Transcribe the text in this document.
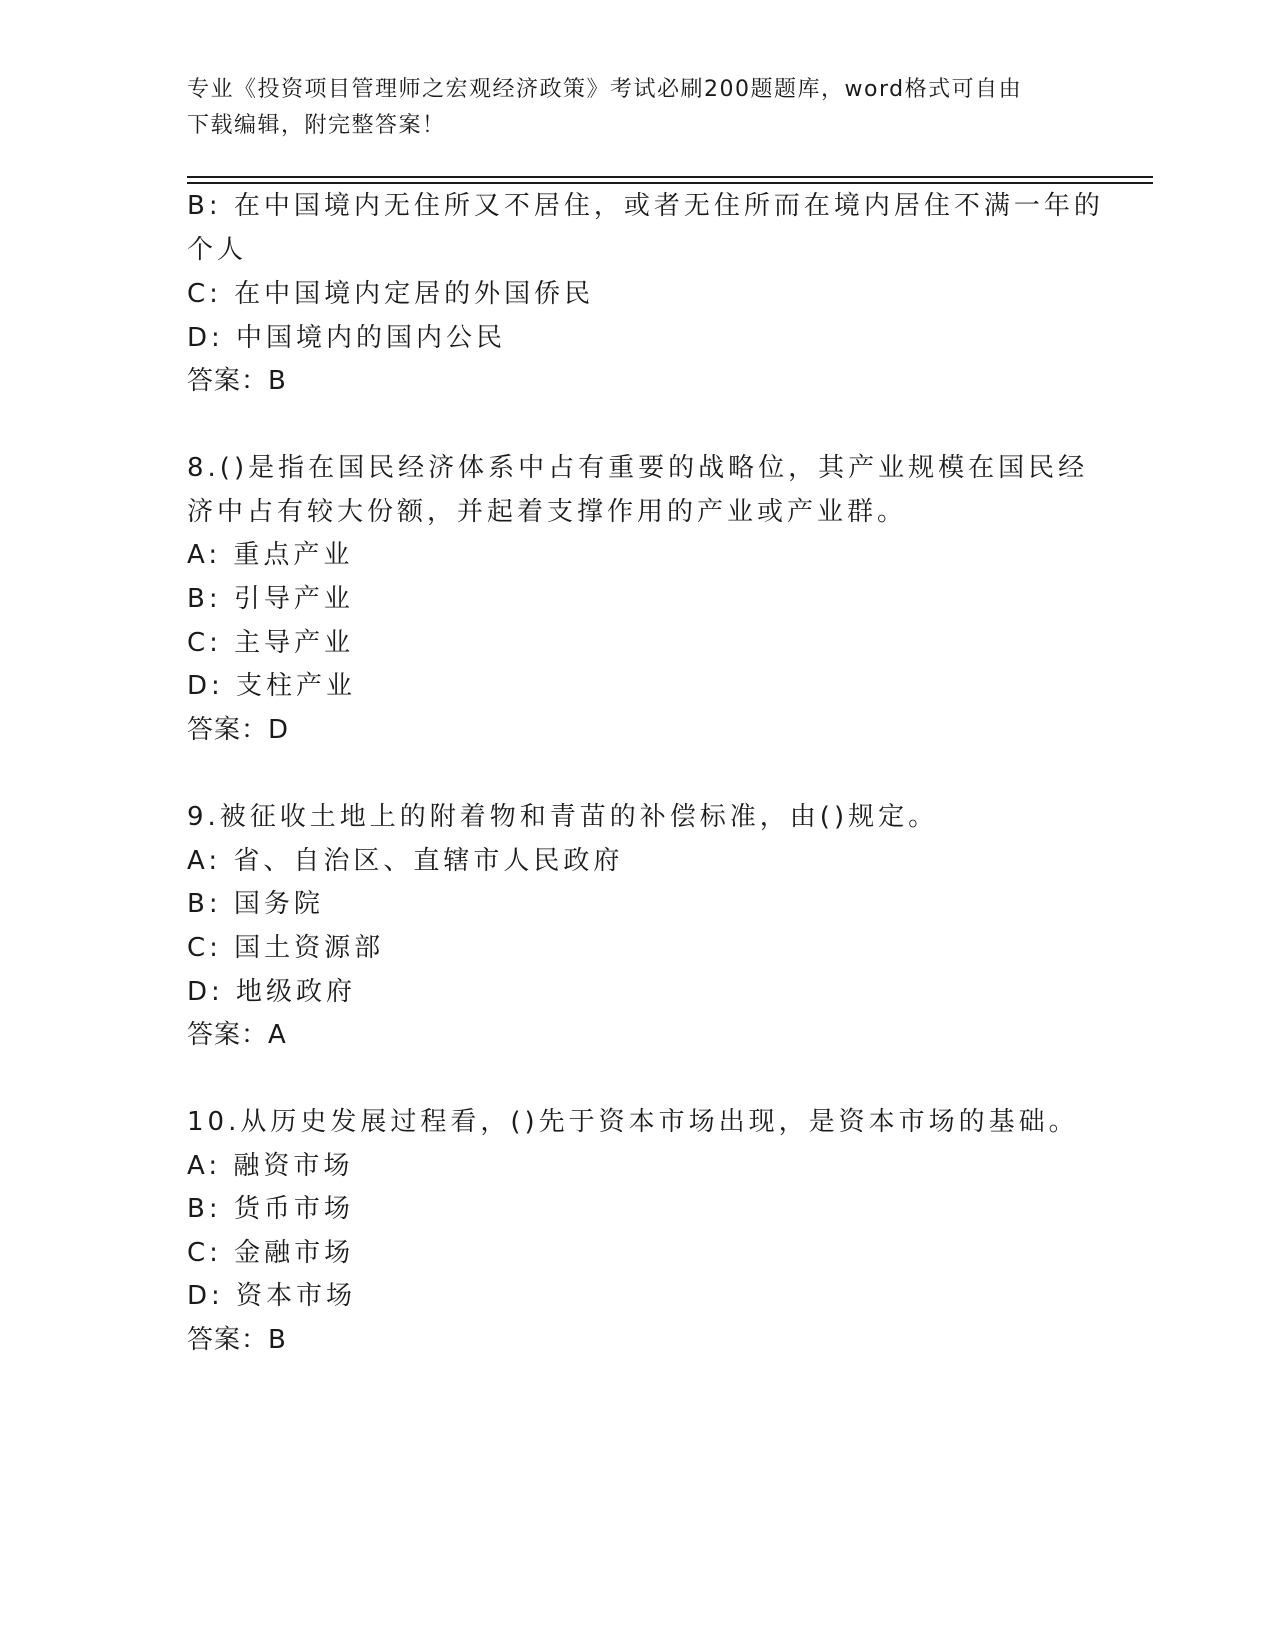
专业《投资项目管理师之宏观经济政策》考试必刷200题题库，word格式可自由
下载编辑，附完整答案！
B: 在中国境内无住所又不居住，或者无住所而在境内居住不满一年的
个人
C: 在中国境内定居的外国侨民
D: 中国境内的国内公民
答案：B
8.()是指在国民经济体系中占有重要的战略位，其产业规模在国民经
济中占有较大份额，并起着支撑作用的产业或产业群。
A: 重点产业
B: 引导产业
C: 主导产业
D: 支柱产业
答案：D
9.被征收土地上的附着物和青苗的补偿标准，由()规定。
A: 省、自治区、直辖市人民政府
B: 国务院
C: 国土资源部
D: 地级政府
答案：A
10.从历史发展过程看，()先于资本市场出现，是资本市场的基础。
A: 融资市场
B: 货币市场
C: 金融市场
D: 资本市场
答案：B
